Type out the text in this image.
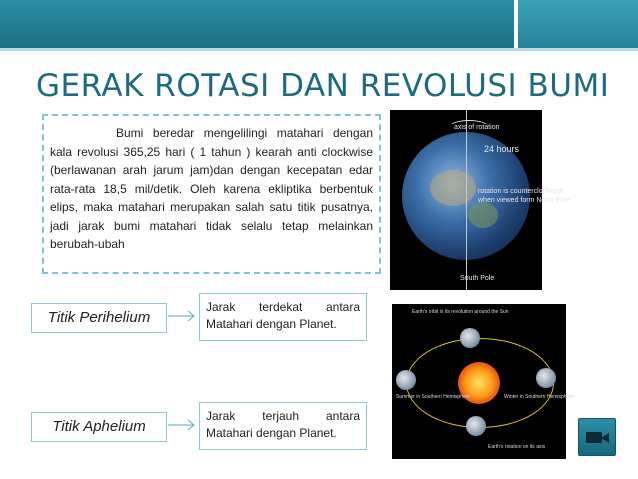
GERAK ROTASI DAN REVOLUSI BUMI

Bumi beredar mengelilingi matahari dengan kala revolusi 365,25 hari ( 1 tahun ) kearah anti clockwise (berlawanan arah jarum jam)dan dengan kecepatan edar rata-rata 18,5 mil/detik. Oleh karena ekliptika berbentuk elips, maka matahari merupakan salah satu titik pusatnya, jadi jarak bumi matahari tidak selalu tetap melainkan berubah-ubah

axis of rotation
24 hours
rotation is counterclockwise
when viewed form North Pole
South Pole
Titik Perihelium

Jarak terdekat antara Matahari dengan Planet.

Titik Aphelium

Jarak terjauh antara Matahari dengan Planet.

Earth's orbit is its revolution around the Sun
Earth's rotation on its axis
Summer in Southern Hemisphere	Winter in Southern Hemisphere
